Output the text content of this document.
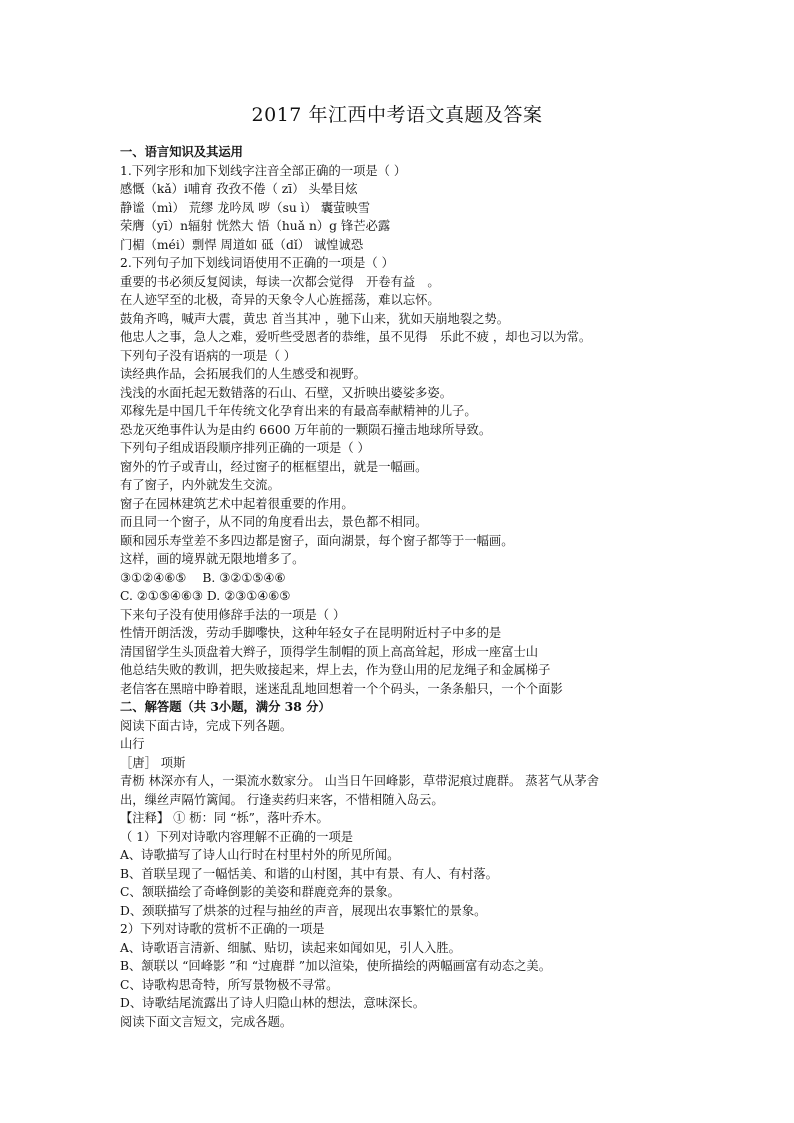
2017 年江西中考语文真题及答案
一、语言知识及其运用
1.下列字形和加下划线字注音全部正确的一项是（ ）
感慨（kǎ）i哺育 孜孜不倦（ zī） 头晕目炫
静谧（mì） 荒缪 龙吟凤 哕（su ì） 囊萤映雪
荣膺（yī）n辐射 恍然大 悟（huǎ n）g 锋芒必露
门楣（méi）剽悍 周道如 砥（dǐ） 诚惶诚恐
2.下列句子加下划线词语使用不正确的一项是（ ）
重要的书必须反复阅读，每读一次都会觉得　开卷有益　。
在人迹罕至的北极，奇异的天象令人心旌摇荡，难以忘怀。
鼓角齐鸣，喊声大震，黄忠 首当其冲 ，驰下山来，犹如天崩地裂之势。
他忠人之事，急人之难，爱听些受恩者的恭维，虽不见得　乐此不疲 ，却也习以为常。
下列句子没有语病的一项是（ ）
读经典作品，会拓展我们的人生感受和视野。
浅浅的水面托起无数错落的石山、石壁，又折映出婆娑多姿。
邓稼先是中国几千年传统文化孕育出来的有最高奉献精神的儿子。
恐龙灭绝事件认为是由约 6600 万年前的一颗陨石撞击地球所导致。
下列句子组成语段顺序排列正确的一项是（ ）
窗外的竹子或青山，经过窗子的框框望出，就是一幅画。
有了窗子，内外就发生交流。
窗子在园林建筑艺术中起着很重要的作用。
而且同一个窗子，从不同的角度看出去，景色都不相同。
颐和园乐寿堂差不多四边都是窗子，面向湖景，每个窗子都等于一幅画。
这样，画的境界就无限地增多了。
③①②④⑥⑤　 B. ③②①⑤④⑥
C. ②①⑤④⑥③ D. ②③①④⑥⑤
下来句子没有使用修辞手法的一项是（ ）
性情开朗活泼，劳动手脚嚟快，这种年轻女子在昆明附近村子中多的是
清国留学生头顶盘着大辫子，顶得学生制帽的顶上高高耸起，形成一座富士山
他总结失败的教训，把失败接起来，焊上去，作为登山用的尼龙绳子和金属梯子
老信客在黑暗中睁着眼，迷迷乱乱地回想着一个个码头，一条条船只，一个个面影
二、解答题（共 3小题，满分 38 分）
阅读下面古诗，完成下列各题。
山行
［唐］ 项斯
青枥 林深亦有人，一渠流水数家分。 山当日午回峰影，草带泥痕过鹿群。 蒸茗气从茅舍
出，缫丝声隔竹篱闻。 行逢卖药归来客，不惜相随入岛云。
【注释】 ① 枥：同 “栎”，落叶乔木。
（ 1）下列对诗歌内容理解不正确的一项是
A、诗歌描写了诗人山行时在村里村外的所见所闻。
B、首联呈现了一幅恬美、和谐的山村图，其中有景、有人、有村落。
C、颔联描绘了奇峰倒影的美姿和群鹿竞奔的景象。
D、颈联描写了烘茶的过程与抽丝的声音，展现出农事繁忙的景象。
2）下列对诗歌的赏析不正确的一项是
A、诗歌语言清新、细腻、贴切，读起来如闻如见，引人入胜。
B、颔联以 “回峰影 ”和 “过鹿群 ”加以渲染，使所描绘的两幅画富有动态之美。
C、诗歌构思奇特，所写景物极不寻常。
D、诗歌结尾流露出了诗人归隐山林的想法，意味深长。
阅读下面文言短文，完成各题。
